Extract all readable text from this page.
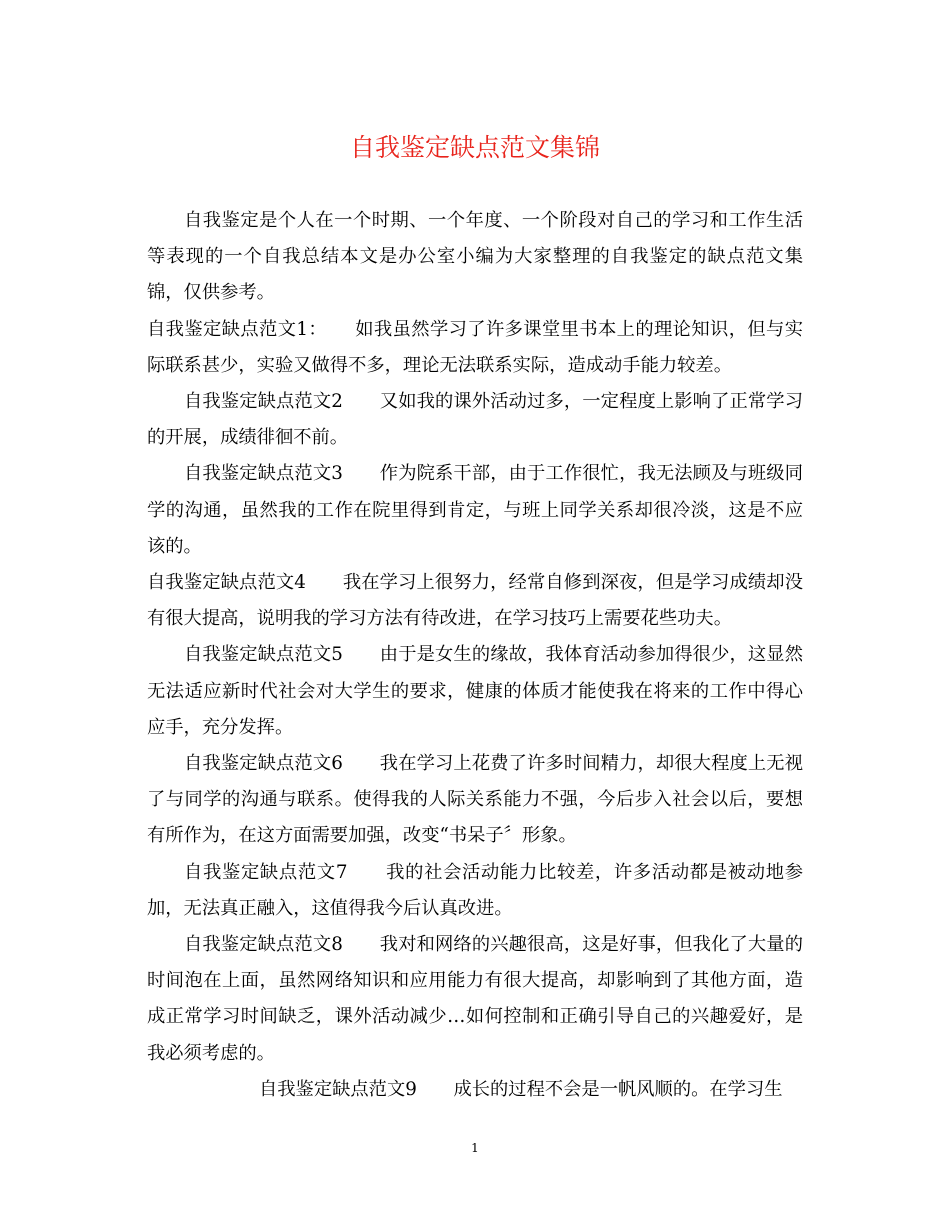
自我鉴定缺点范文集锦

自我鉴定是个人在一个时期、一个年度、一个阶段对自己的学习和工作生活等表现的一个自我总结本文是办公室小编为大家整理的自我鉴定的缺点范文集锦，仅供参考。

自我鉴定缺点范文1：　　如我虽然学习了许多课堂里书本上的理论知识，但与实际联系甚少，实验又做得不多，理论无法联系实际，造成动手能力较差。

自我鉴定缺点范文2　　又如我的课外活动过多，一定程度上影响了正常学习的开展，成绩徘徊不前。

自我鉴定缺点范文3　　作为院系干部，由于工作很忙，我无法顾及与班级同学的沟通，虽然我的工作在院里得到肯定，与班上同学关系却很冷淡，这是不应该的。

自我鉴定缺点范文4　　我在学习上很努力，经常自修到深夜，但是学习成绩却没有很大提高，说明我的学习方法有待改进，在学习技巧上需要花些功夫。

自我鉴定缺点范文5　　由于是女生的缘故，我体育活动参加得很少，这显然无法适应新时代社会对大学生的要求，健康的体质才能使我在将来的工作中得心应手，充分发挥。

自我鉴定缺点范文6　　我在学习上花费了许多时间精力，却很大程度上无视了与同学的沟通与联系。使得我的人际关系能力不强，今后步入社会以后，要想有所作为，在这方面需要加强，改变“书呆子〞形象。

自我鉴定缺点范文7　　我的社会活动能力比较差，许多活动都是被动地参加，无法真正融入，这值得我今后认真改进。

自我鉴定缺点范文8　　我对和网络的兴趣很高，这是好事，但我化了大量的时间泡在上面，虽然网络知识和应用能力有很大提高，却影响到了其他方面，造成正常学习时间缺乏，课外活动减少…如何控制和正确引导自己的兴趣爱好，是我必须考虑的。

自我鉴定缺点范文9　　成长的过程不会是一帆风顺的。在学习生

1
